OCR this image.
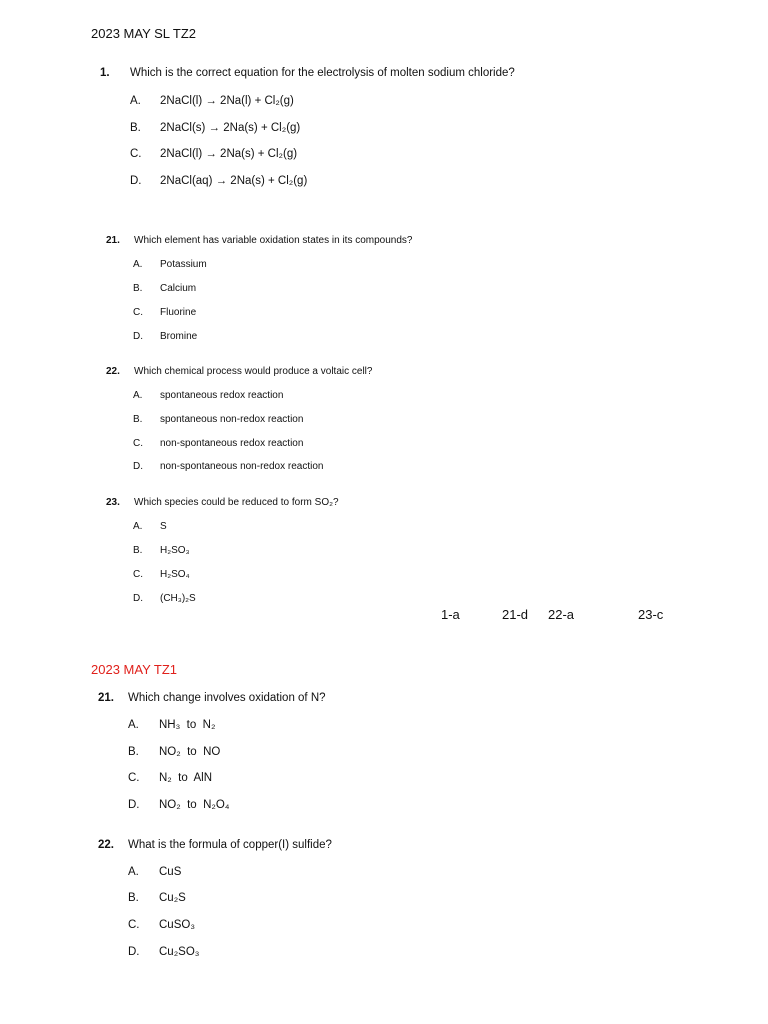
2023 MAY SL TZ2
1. Which is the correct equation for the electrolysis of molten sodium chloride?
A. 2NaCl(l) → 2Na(l) + Cl₂(g)
B. 2NaCl(s) → 2Na(s) + Cl₂(g)
C. 2NaCl(l) → 2Na(s) + Cl₂(g)
D. 2NaCl(aq) → 2Na(s) + Cl₂(g)
21. Which element has variable oxidation states in its compounds?
A. Potassium
B. Calcium
C. Fluorine
D. Bromine
22. Which chemical process would produce a voltaic cell?
A. spontaneous redox reaction
B. spontaneous non-redox reaction
C. non-spontaneous redox reaction
D. non-spontaneous non-redox reaction
23. Which species could be reduced to form SO₂?
A. S
B. H₂SO₃
C. H₂SO₄
D. (CH₃)₂S
1-a	21-d 22-a	23-c
2023 MAY TZ1
21. Which change involves oxidation of N?
A. NH₃  to  N₂
B. NO₂  to  NO
C. N₂  to  AlN
D. NO₂  to  N₂O₄
22. What is the formula of copper(I) sulfide?
A. CuS
B. Cu₂S
C. CuSO₃
D. Cu₂SO₃
